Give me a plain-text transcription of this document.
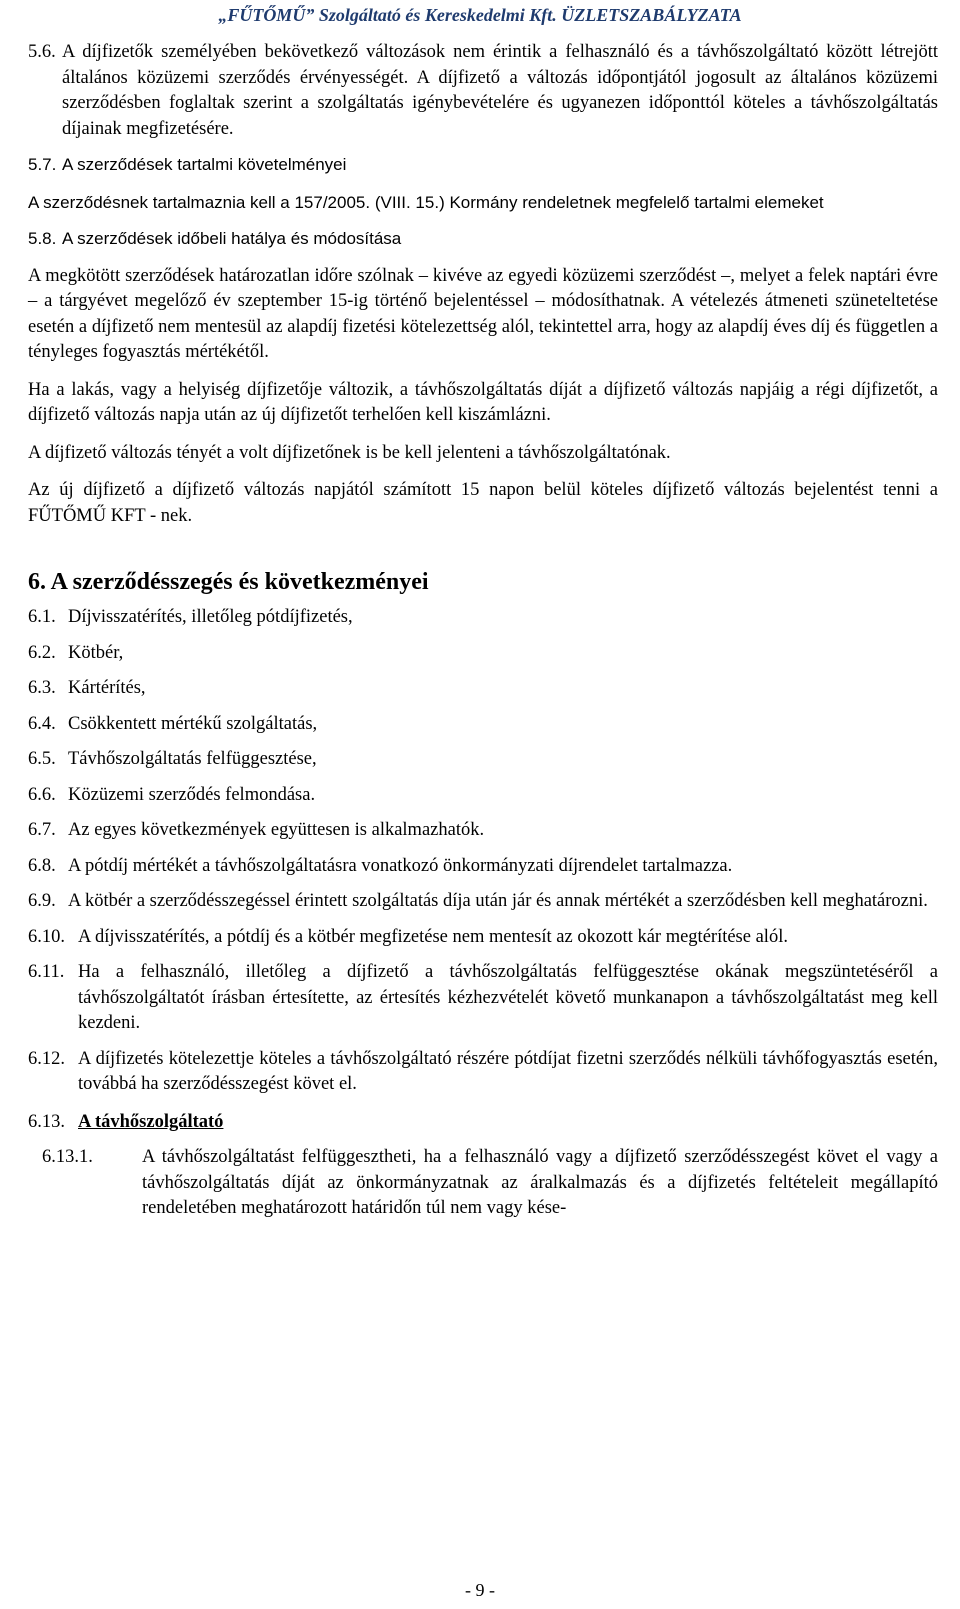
„FŰTŐMŰ” Szolgáltató és Kereskedelmi Kft. ÜZLETSZABÁLYZATA
5.6. A díjfizetők személyében bekövetkező változások nem érintik a felhasználó és a távhőszolgáltató között létrejött általános közüzemi szerződés érvényességét. A díjfizető a változás időpontjától jogosult az általános közüzemi szerződésben foglaltak szerint a szolgáltatás igénybevételére és ugyanezen időponttól köteles a távhőszolgáltatás díjainak megfizetésére.
5.7. A szerződések tartalmi követelményei

A szerződésnek tartalmaznia kell a 157/2005. (VIII. 15.) Kormány rendeletnek megfelelő tartalmi elemeket

5.8. A szerződések időbeli hatálya és módosítása

A megkötött szerződések határozatlan időre szólnak – kivéve az egyedi közüzemi szerződést –, melyet a felek naptári évre – a tárgyévet megelőző év szeptember 15-ig történő bejelentéssel – módosíthatnak. A vételezés átmeneti szüneteltetése esetén a díjfizető nem mentesül az alapdíj fizetési kötelezettség alól, tekintettel arra, hogy az alapdíj éves díj és független a tényleges fogyasztás mértékétől.

Ha a lakás, vagy a helyiség díjfizetője változik, a távhőszolgáltatás díját a díjfizető változás napjáig a régi díjfizetőt, a díjfizető változás napja után az új díjfizetőt terhelően kell kiszámlázni.

A díjfizető változás tényét a volt díjfizetőnek is be kell jelenteni a távhőszolgáltatónak.

Az új díjfizető a díjfizető változás napjától számított 15 napon belül köteles díjfizető változás bejelentést tenni a FŰTŐMŰ KFT - nek.

6. A szerződésszegés és következményei
6.1. Díjvisszatérítés, illetőleg pótdíjfizetés,
6.2. Kötbér,
6.3. Kártérítés,
6.4. Csökkentett mértékű szolgáltatás,
6.5. Távhőszolgáltatás felfüggesztése,
6.6. Közüzemi szerződés felmondása.
6.7. Az egyes következmények együttesen is alkalmazhatók.
6.8. A pótdíj mértékét a távhőszolgáltatásra vonatkozó önkormányzati díjrendelet tartalmazza.
6.9. A kötbér a szerződésszegéssel érintett szolgáltatás díja után jár és annak mértékét a szerződésben kell meghatározni.
6.10. A díjvisszatérítés, a pótdíj és a kötbér megfizetése nem mentesít az okozott kár megtérítése alól.
6.11. Ha a felhasználó, illetőleg a díjfizető a távhőszolgáltatás felfüggesztése okának megszüntetéséről a távhőszolgáltatót írásban értesítette, az értesítés kézhezvételét követő munkanapon a távhőszolgáltatást meg kell kezdeni.
6.12. A díjfizetés kötelezettje köteles a távhőszolgáltató részére pótdíjat fizetni szerződés nélküli távhőfogyasztás esetén, továbbá ha szerződésszegést követ el.
6.13. A távhőszolgáltató
6.13.1.	A távhőszolgáltatást felfüggesztheti, ha a felhasználó vagy a díjfizető szerződésszegést követ el vagy a távhőszolgáltatás díját az önkormányzatnak az áralkalmazás és a díjfizetés feltételeit megállapító rendeletében meghatározott határidőn túl nem vagy kése-
- 9 -
